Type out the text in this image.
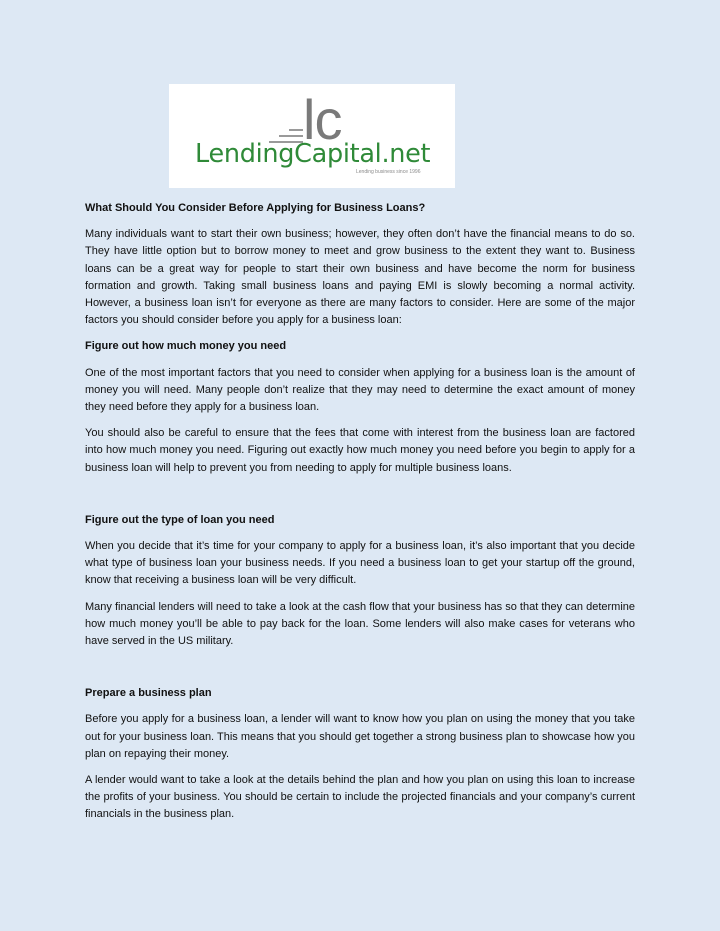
lc
LendingCapital.net
Lending business since 1996
What Should You Consider Before Applying for Business Loans?

Many individuals want to start their own business; however, they often don’t have the financial means to do so. They have little option but to borrow money to meet and grow business to the extent they want to. Business loans can be a great way for people to start their own business and have become the norm for business formation and growth. Taking small business loans and paying EMI is slowly becoming a normal activity. However, a business loan isn’t for everyone as there are many factors to consider. Here are some of the major factors you should consider before you apply for a business loan:

Figure out how much money you need

One of the most important factors that you need to consider when applying for a business loan is the amount of money you will need. Many people don’t realize that they may need to determine the exact amount of money they need before they apply for a business loan.

You should also be careful to ensure that the fees that come with interest from the business loan are factored into how much money you need. Figuring out exactly how much money you need before you begin to apply for a business loan will help to prevent you from needing to apply for multiple business loans.

Figure out the type of loan you need

When you decide that it’s time for your company to apply for a business loan, it’s also important that you decide what type of business loan your business needs. If you need a business loan to get your startup off the ground, know that receiving a business loan will be very difficult.

Many financial lenders will need to take a look at the cash flow that your business has so that they can determine how much money you’ll be able to pay back for the loan. Some lenders will also make cases for veterans who have served in the US military.

Prepare a business plan

Before you apply for a business loan, a lender will want to know how you plan on using the money that you take out for your business loan. This means that you should get together a strong business plan to showcase how you plan on repaying their money.

A lender would want to take a look at the details behind the plan and how you plan on using this loan to increase the profits of your business. You should be certain to include the projected financials and your company’s current financials in the business plan.
